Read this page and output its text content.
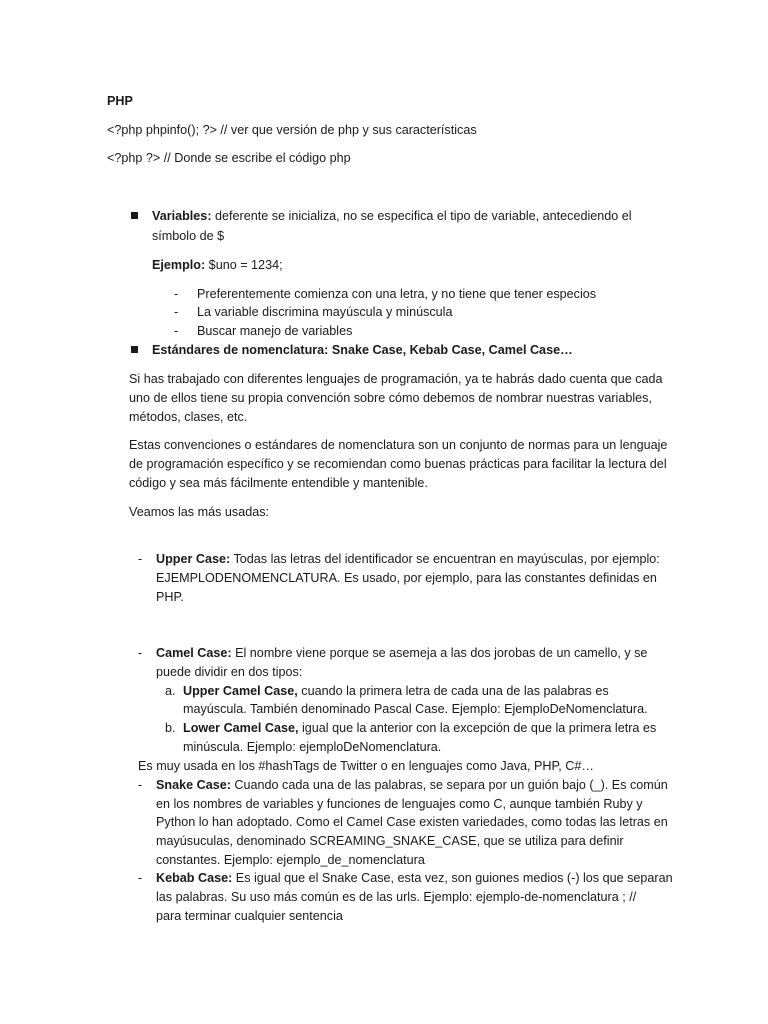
PHP
<?php phpinfo(); ?> // ver que versión de php y sus características
<?php ?> // Donde se escribe el código php
Variables: deferente se inicializa, no se especifica el tipo de variable, antecediendo el
símbolo de $
Ejemplo: $uno = 1234;
- Preferentemente comienza con una letra, y no tiene que tener especios
- La variable discrimina mayúscula y minúscula
- Buscar manejo de variables
Estándares de nomenclatura: Snake Case, Kebab Case, Camel Case…
Si has trabajado con diferentes lenguajes de programación, ya te habrás dado cuenta que cada
uno de ellos tiene su propia convención sobre cómo debemos de nombrar nuestras variables,
métodos, clases, etc.
Estas convenciones o estándares de nomenclatura son un conjunto de normas para un lenguaje
de programación específico y se recomiendan como buenas prácticas para facilitar la lectura del
código y sea más fácilmente entendible y mantenible.
Veamos las más usadas:
- Upper Case: Todas las letras del identificador se encuentran en mayúsculas, por ejemplo:
EJEMPLODENOMENCLATURA. Es usado, por ejemplo, para las constantes definidas en
PHP.
- Camel Case: El nombre viene porque se asemeja a las dos jorobas de un camello, y se
puede dividir en dos tipos:
a. Upper Camel Case, cuando la primera letra de cada una de las palabras es
mayúscula. También denominado Pascal Case. Ejemplo: EjemploDeNomenclatura.
b. Lower Camel Case, igual que la anterior con la excepción de que la primera letra es
minúscula. Ejemplo: ejemploDeNomenclatura.
Es muy usada en los #hashTags de Twitter o en lenguajes como Java, PHP, C#…
- Snake Case: Cuando cada una de las palabras, se separa por un guión bajo (_). Es común
en los nombres de variables y funciones de lenguajes como C, aunque también Ruby y
Python lo han adoptado. Como el Camel Case existen variedades, como todas las letras en
mayúsuculas, denominado SCREAMING_SNAKE_CASE, que se utiliza para definir
constantes. Ejemplo: ejemplo_de_nomenclatura
- Kebab Case: Es igual que el Snake Case, esta vez, son guiones medios (-) los que separan
las palabras. Su uso más común es de las urls. Ejemplo: ejemplo-de-nomenclatura ; //
para terminar cualquier sentencia
